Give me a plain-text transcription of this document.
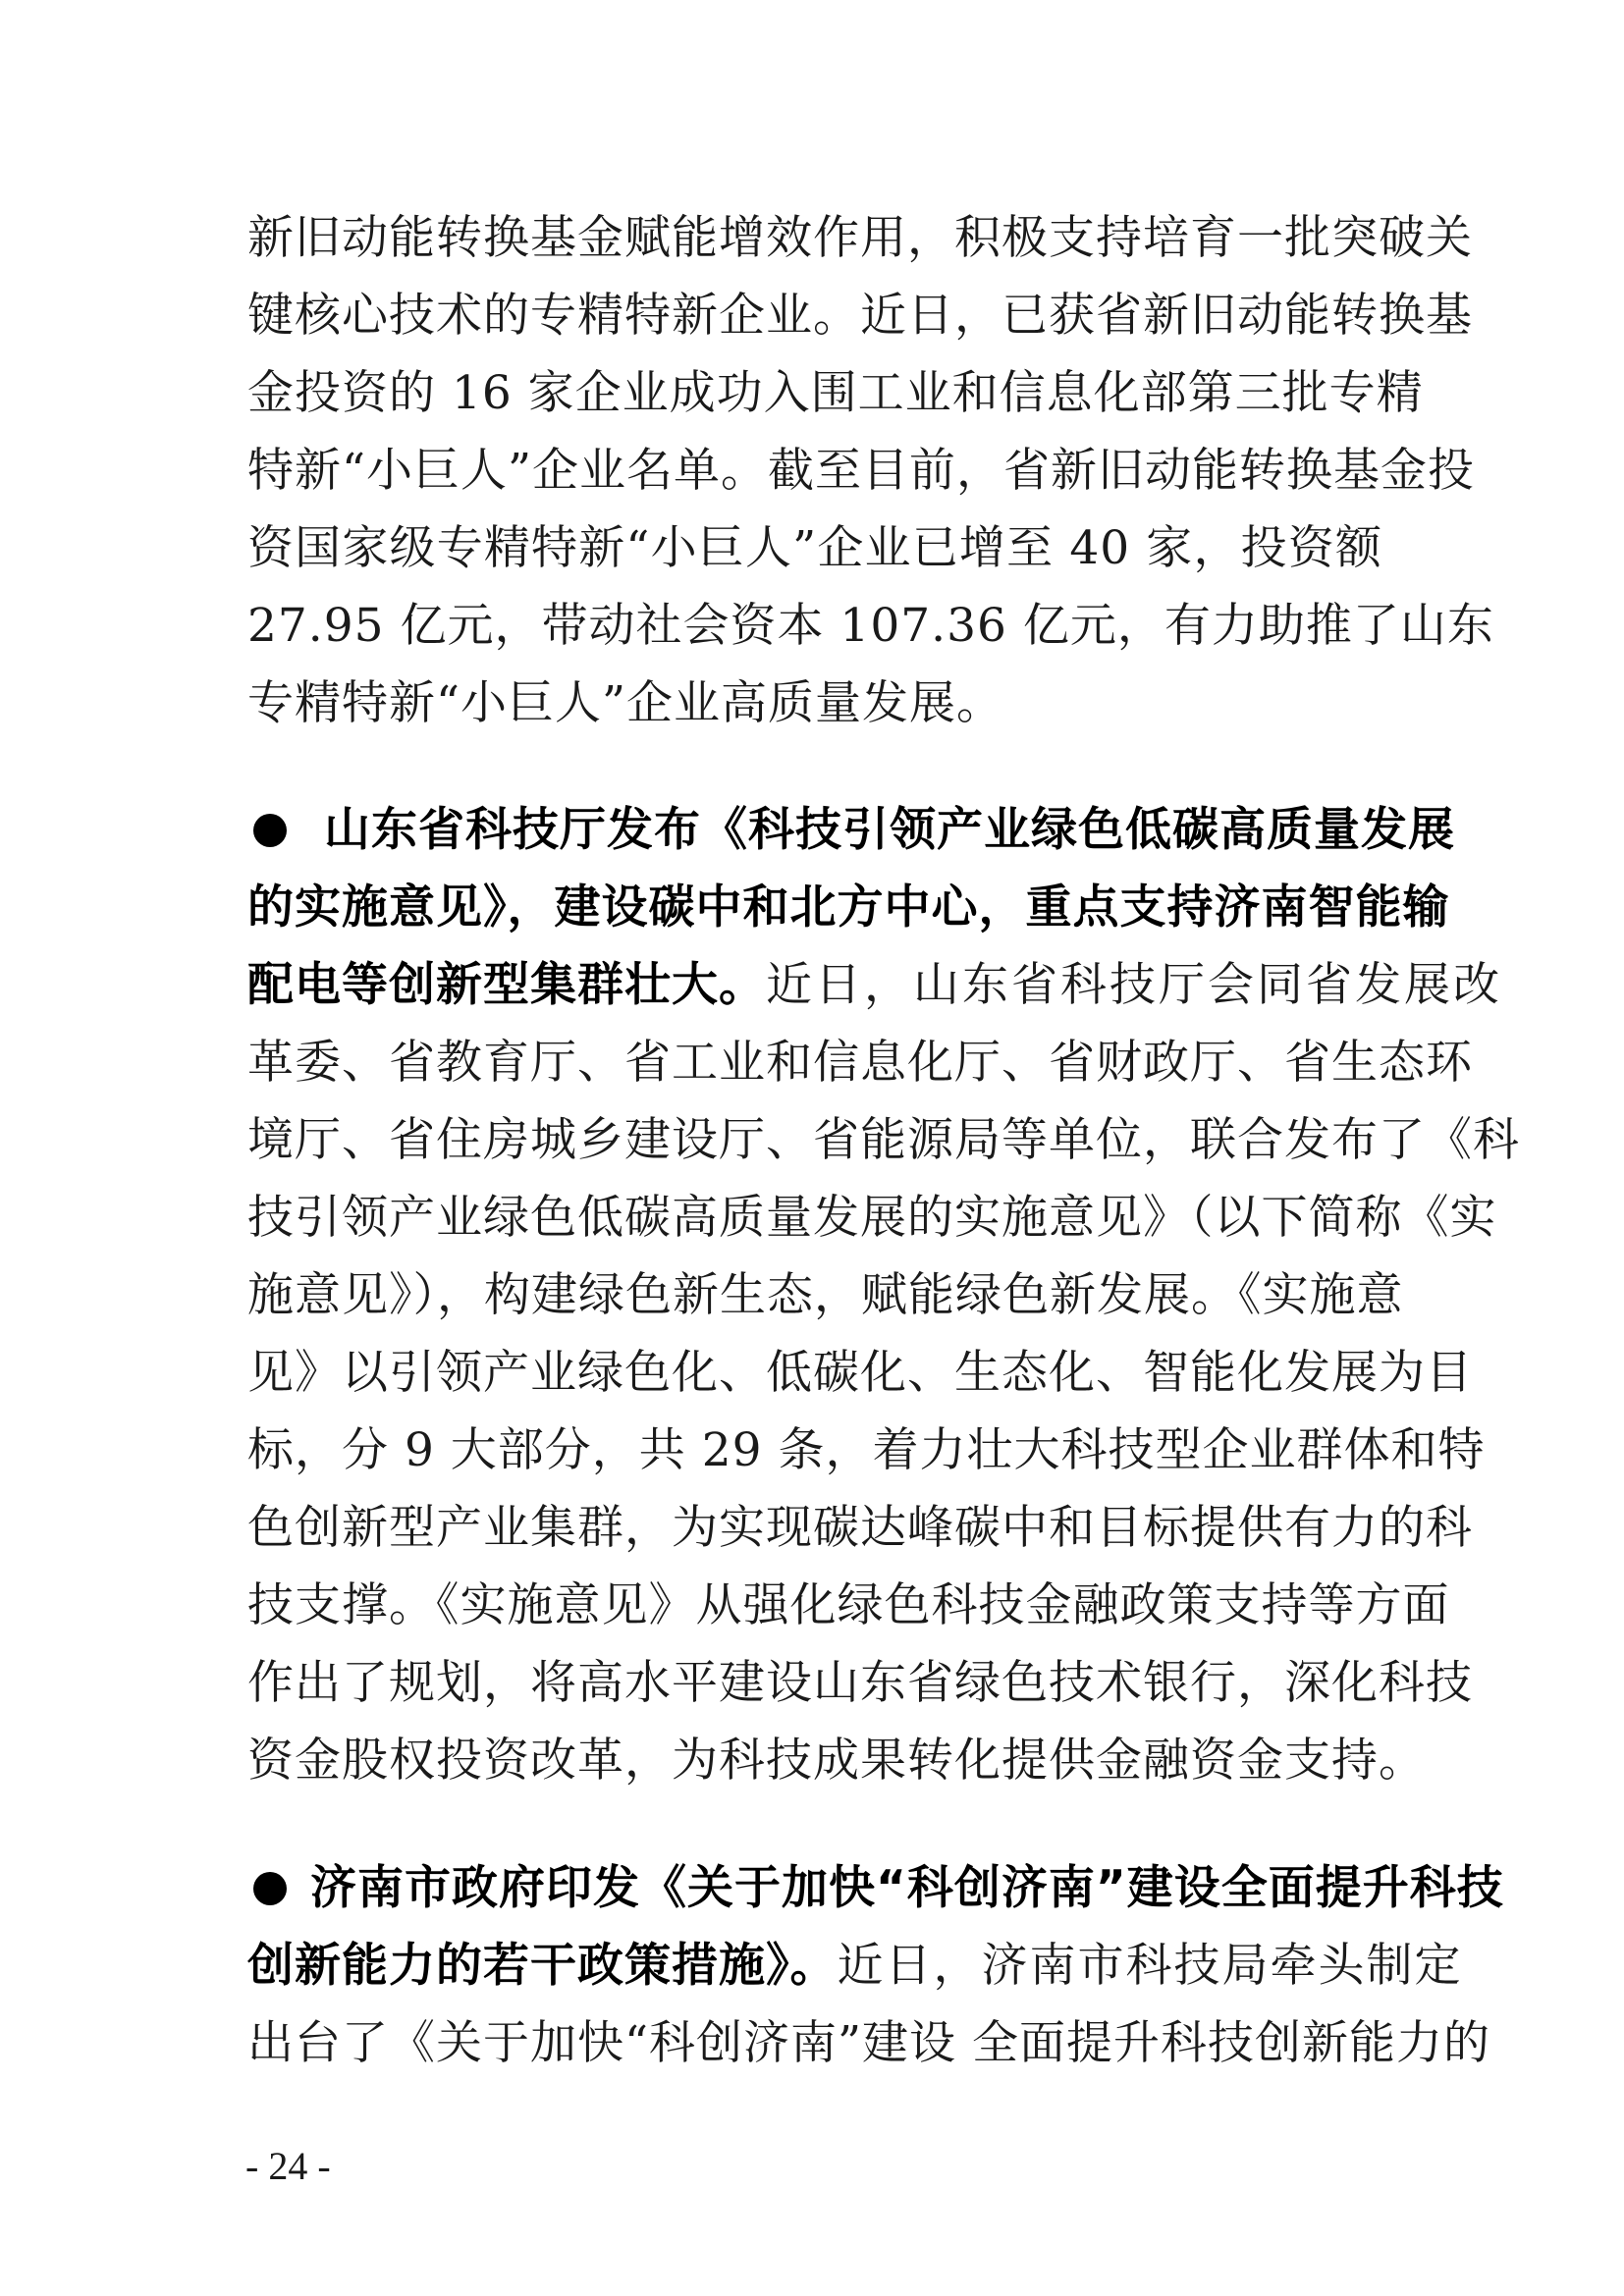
新旧动能转换基金赋能增效作用，积极支持培育一批突破关
键核心技术的专精特新企业。近日，已获省新旧动能转换基
金投资的 16 家企业成功入围工业和信息化部第三批专精
特新“小巨人”企业名单。截至目前，省新旧动能转换基金投
资国家级专精特新“小巨人”企业已增至 40 家，投资额
27.95 亿元，带动社会资本 107.36 亿元，有力助推了山东
专精特新“小巨人”企业高质量发展。
山东省科技厅发布《科技引领产业绿色低碳高质量发展
的实施意见》，建设碳中和北方中心，重点支持济南智能输
配电等创新型集群壮大。近日，山东省科技厅会同省发展改
革委、省教育厅、省工业和信息化厅、省财政厅、省生态环
境厅、省住房城乡建设厅、省能源局等单位，联合发布了《科
技引领产业绿色低碳高质量发展的实施意见》（以下简称《实
施意见》），构建绿色新生态，赋能绿色新发展。《实施意
见》以引领产业绿色化、低碳化、生态化、智能化发展为目
标，分 9 大部分，共 29 条，着力壮大科技型企业群体和特
色创新型产业集群，为实现碳达峰碳中和目标提供有力的科
技支撑。《实施意见》从强化绿色科技金融政策支持等方面
作出了规划，将高水平建设山东省绿色技术银行，深化科技
资金股权投资改革，为科技成果转化提供金融资金支持。
济南市政府印发《关于加快“科创济南”建设全面提升科技
创新能力的若干政策措施》。近日，济南市科技局牵头制定
出台了《关于加快“科创济南”建设 全面提升科技创新能力的
- 24 -
